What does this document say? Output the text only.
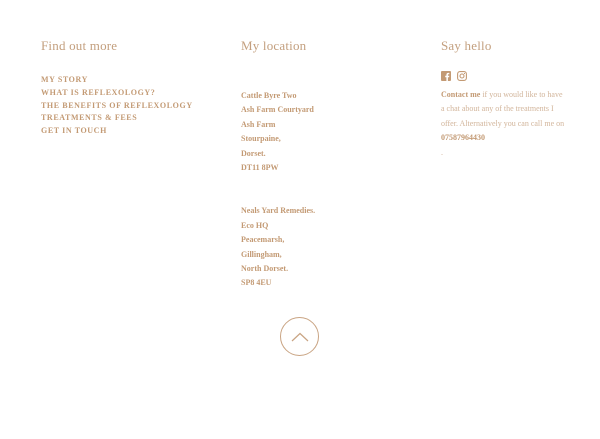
Find out more
MY STORY
WHAT IS REFLEXOLOGY?
THE BENEFITS OF REFLEXOLOGY
TREATMENTS & FEES
GET IN TOUCH
My location
Cattle Byre Two
Ash Farm Courtyard
Ash Farm
Stourpaine,
Dorset.
DT11 8PW
Neals Yard Remedies.
Eco HQ
Peacemarsh,
Gillingham,
North Dorset.
SP8 4EU
Say hello
Contact me if you would like to have a chat about any of the treatments I offer. Alternatively you can call me on 07587964430
.
